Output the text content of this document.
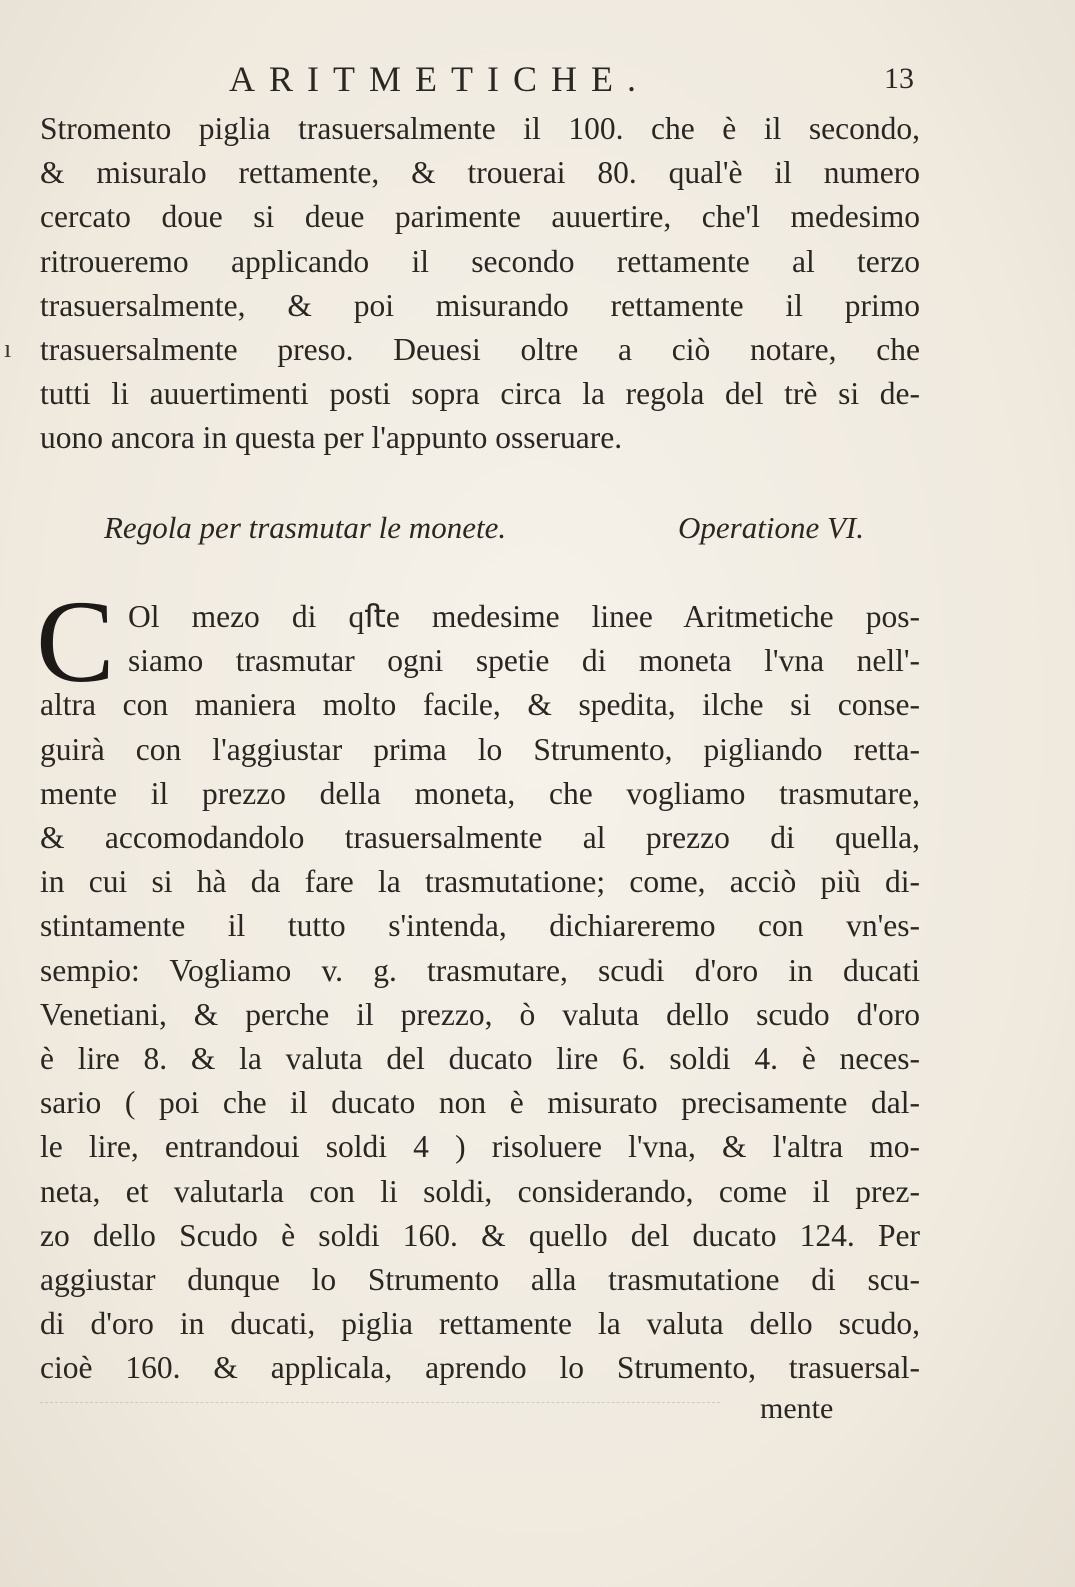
ARITMETICHE.	13
ı
Stromento piglia trasuersalmente il 100. che è il secondo,
& misuralo rettamente, & trouerai 80. qual'è il numero
cercato doue si deue parimente auuertire, che'l medesimo
ritroueremo applicando il secondo rettamente al terzo
trasuersalmente, & poi misurando rettamente il primo
trasuersalmente preso. Deuesi oltre a ciò notare, che
tutti li auuertimenti posti sopra circa la regola del trè si de-
uono ancora in questa per l'appunto osseruare.
Regola per trasmutar le monete.	Operatione VI.
C Ol mezo di qﬅe medesime linee Aritmetiche pos-
siamo trasmutar ogni spetie di moneta l'vna nell'-
altra con maniera molto facile, & spedita, ilche si conse-
guirà con l'aggiustar prima lo Strumento, pigliando retta-
mente il prezzo della moneta, che vogliamo trasmutare,
& accomodandolo trasuersalmente al prezzo di quella,
in cui si hà da fare la trasmutatione; come, acciò più di-
stintamente il tutto s'intenda, dichiareremo con vn'es-
sempio: Vogliamo v. g. trasmutare, scudi d'oro in ducati
Venetiani, & perche il prezzo, ò valuta dello scudo d'oro
è lire 8. & la valuta del ducato lire 6. soldi 4. è neces-
sario ( poi che il ducato non è misurato precisamente dal-
le lire, entrandoui soldi 4 ) risoluere l'vna, & l'altra mo-
neta, et valutarla con li soldi, considerando, come il prez-
zo dello Scudo è soldi 160. & quello del ducato 124. Per
aggiustar dunque lo Strumento alla trasmutatione di scu-
di d'oro in ducati, piglia rettamente la valuta dello scudo,
cioè 160. & applicala, aprendo lo Strumento, trasuersal-
mente
